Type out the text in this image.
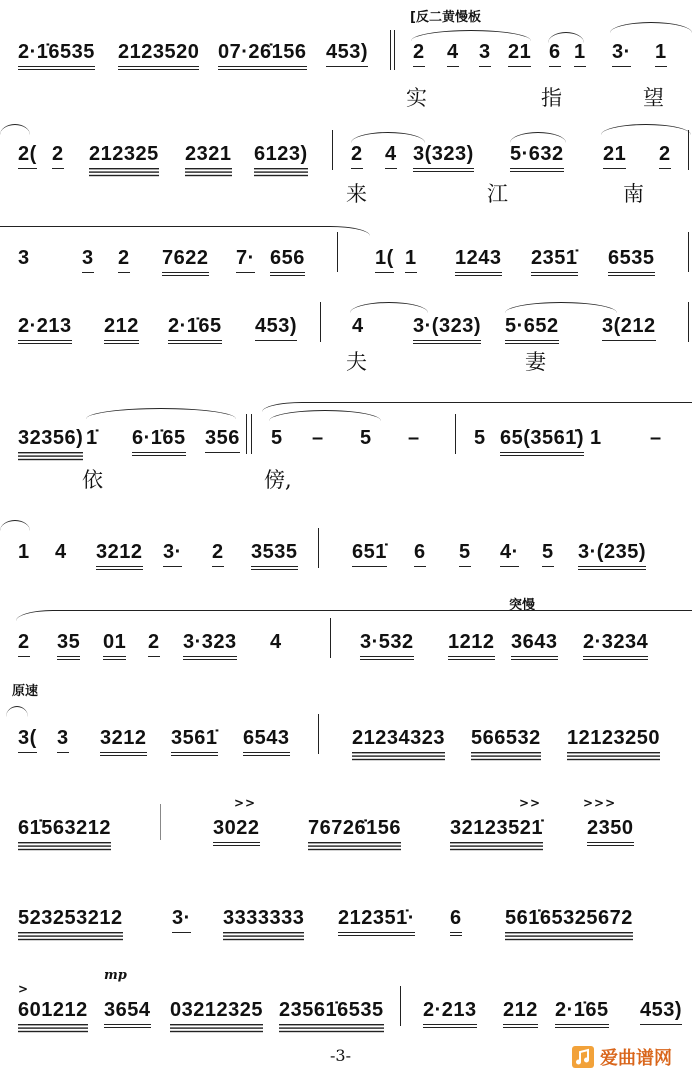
[反二黄慢板
2·1̇6535 2123520 07·26̇156 453) 2 4 3 21 6 1 3· 1
实	指	望
2( 2 212325 2321 6123) 2 4 3(323) 5·632 21 2
来	江	南
3	3 2 7622 7· 656	1( 1 1243 2351̇ 6535
2·213 212 2·1̇65 453)	4 3·(323) 5·652 3(212
夫	妻
32356) 1̇ 6·1̇65 356 5 – 5 –	5 65(3561̇) 1 –
依	傍,
1 4 3212 3· 2 3535	651̇ 6 5 4· 5 3·(235)
突慢
2 35 01 2 3·323 4	3·532 1212 3643 2·3234
原速
3( 3 3212 3561̇ 6543	21234323 566532 12123250
>>	>>	>>>
61̇563212	3022 76726̇156 32123521̇ 2350
523253212 3· 3333333 212351̇· 6 561̇65325672
>
mp
601212 3654 03212325 23561̇6535 2·213 212 2·1̇65 453)
-3-	爱曲谱网
